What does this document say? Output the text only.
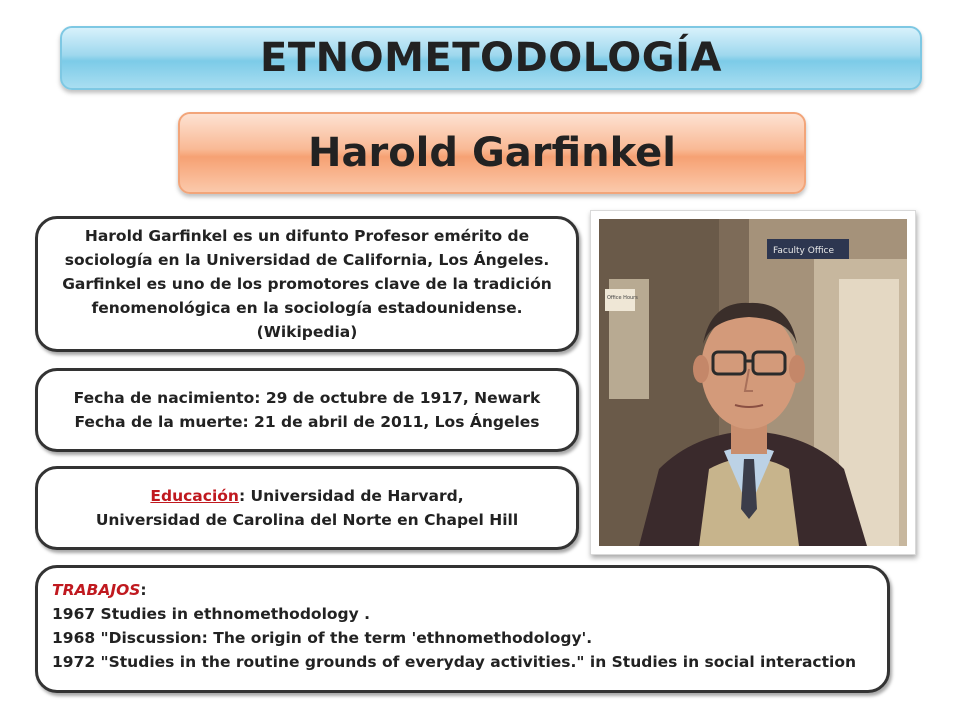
ETNOMETODOLOGÍA
Harold Garfinkel
Harold Garfinkel es un difunto Profesor emérito de
sociología en la Universidad de California, Los Ángeles.
Garfinkel es uno de los promotores clave de la tradición
fenomenológica en la sociología estadounidense.
(Wikipedia)
Fecha de nacimiento: 29 de octubre de 1917, Newark
Fecha de la muerte: 21 de abril de 2011, Los Ángeles
Educación: Universidad de Harvard,
Universidad de Carolina del Norte en Chapel Hill
Faculty Office
Office Hours
TRABAJOS:
1967 Studies in ethnomethodology .
1968 "Discussion: The origin of the term 'ethnomethodology'.
1972 "Studies in the routine grounds of everyday activities." in Studies in social interaction
